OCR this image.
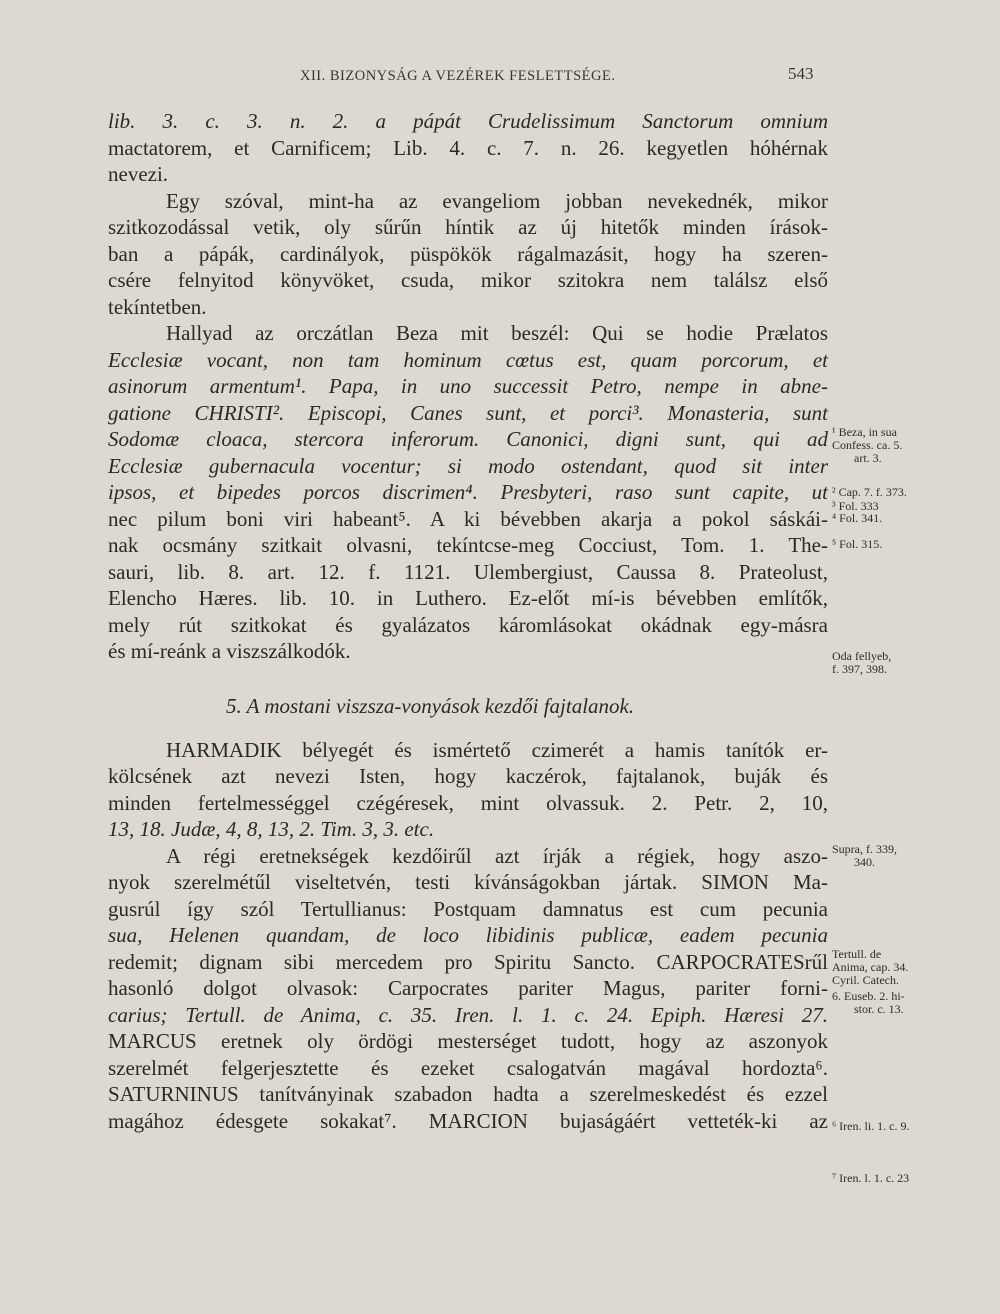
XII. BIZONYSÁG A VEZÉREK FESLETTSÉGE.	543
lib. 3. c. 3. n. 2. a pápát Crudelissimum Sanctorum omnium
mactatorem, et Carnificem; Lib. 4. c. 7. n. 26. kegyetlen hóhérnak
nevezi.
Egy szóval, mint-ha az evangeliom jobban nevekednék, mikor
szitkozodással vetik, oly sűrűn híntik az új hitetők minden írások-
ban a pápák, cardinályok, püspökök rágalmazásit, hogy ha szeren-
csére felnyitod könyvöket, csuda, mikor szitokra nem találsz első
tekíntetben.
Hallyad az orczátlan Beza mit beszél: Qui se hodie Prælatos
Ecclesiæ vocant, non tam hominum cœtus est, quam porcorum, et
asinorum armentum¹. Papa, in uno successit Petro, nempe in abne-
gatione CHRISTI². Episcopi, Canes sunt, et porci³. Monasteria, sunt
Sodomæ cloaca, stercora inferorum. Canonici, digni sunt, qui ad
Ecclesiæ gubernacula vocentur; si modo ostendant, quod sit inter
ipsos, et bipedes porcos discrimen⁴. Presbyteri, raso sunt capite, ut
nec pilum boni viri habeant⁵. A ki bévebben akarja a pokol sáskái-
nak ocsmány szitkait olvasni, tekíntcse-meg Cocciust, Tom. 1. The-
sauri, lib. 8. art. 12. f. 1121. Ulembergiust, Caussa 8. Prateolust,
Elencho Hæres. lib. 10. in Luthero. Ez-előt mí-is bévebben említők,
mely rút szitkokat és gyalázatos káromlásokat okádnak egy-másra
és mí-reánk a viszszálkodók.
5. A mostani viszsza-vonyások kezdői fajtalanok.
HARMADIK bélyegét és ismértető czimerét a hamis tanítók er-
kölcsének azt nevezi Isten, hogy kaczérok, fajtalanok, buják és
minden fertelmességgel czégéresek, mint olvassuk. 2. Petr. 2, 10,
13, 18. Judæ, 4, 8, 13, 2. Tim. 3, 3. etc.
A régi eretnekségek kezdőirűl azt írják a régiek, hogy aszo-
nyok szerelmétűl viseltetvén, testi kívánságokban jártak. SIMON Ma-
gusrúl így szól Tertullianus: Postquam damnatus est cum pecunia
sua, Helenen quandam, de loco libidinis publicæ, eadem pecunia
redemit; dignam sibi mercedem pro Spiritu Sancto. CARPOCRATESrűl
hasonló dolgot olvasok: Carpocrates pariter Magus, pariter forni-
carius; Tertull. de Anima, c. 35. Iren. l. 1. c. 24. Epiph. Hæresi 27.
MARCUS eretnek oly ördögi mesterséget tudott, hogy az aszonyok
szerelmét felgerjesztette és ezeket csalogatván magával hordozta⁶.
SATURNINUS tanítványinak szabadon hadta a szerelmeskedést és ezzel
magához édesgete sokakat⁷. MARCION bujaságáért vetteték-ki az
¹ Beza, in sua
Confess. ca. 5.
art. 3.
² Cap. 7. f. 373.
³ Fol. 333
⁴ Fol. 341.
⁵ Fol. 315.
Oda fellyeb,
f. 397, 398.
Supra, f. 339,
340.
Tertull. de
Anima, cap. 34.
Cyril. Catech.
6. Euseb. 2. hi-
stor. c. 13.
⁶ Iren. li. 1. c. 9.
⁷ Iren. l. 1. c. 23
